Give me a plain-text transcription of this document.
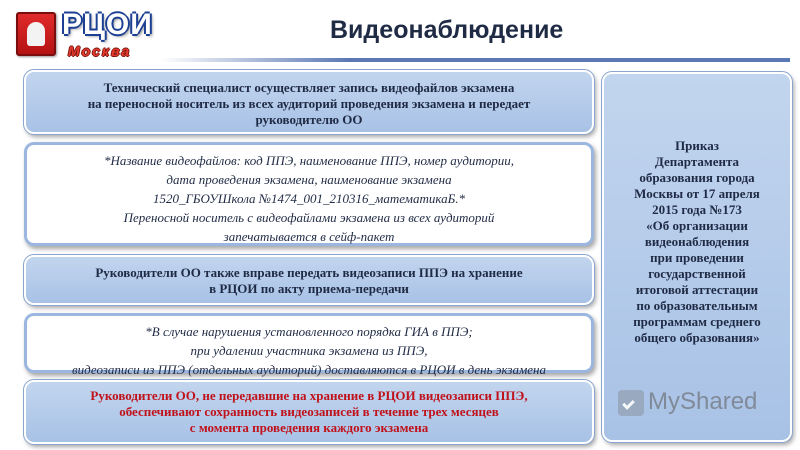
РЦОИ
Москва
Видеонаблюдение

Технический специалист осуществляет запись видеофайлов экзамена

на переносной носитель из всех аудиторий проведения экзамена и передает

руководителю ОО

*Название видеофайлов: код ППЭ, наименование ППЭ, номер аудитории,

дата проведения экзамена, наименование экзамена

1520_ГБОУШкола №1474_001_210316_математикаБ.*

Переносной носитель с видеофайлами экзамена из всех аудиторий

запечатывается в сейф-пакет

Руководители ОО также вправе передать видеозаписи ППЭ на хранение

в РЦОИ по акту приема-передачи

*В случае нарушения установленного порядка ГИА в ППЭ;

при удалении участника экзамена из ППЭ,

видеозаписи из ППЭ (отдельных аудиторий) доставляются в РЦОИ в день экзамена

Руководители ОО, не передавшие на хранение в РЦОИ видеозаписи ППЭ,
обеспечивают сохранность видеозаписей в течение трех месяцев
с момента проведения каждого экзамена
Приказ
Департамента
образования города
Москвы от 17 апреля
2015 года №173
«Об организации
видеонаблюдения
при проведении
государственной
итоговой аттестации
по образовательным
программам среднего
общего образования»
MyShared
